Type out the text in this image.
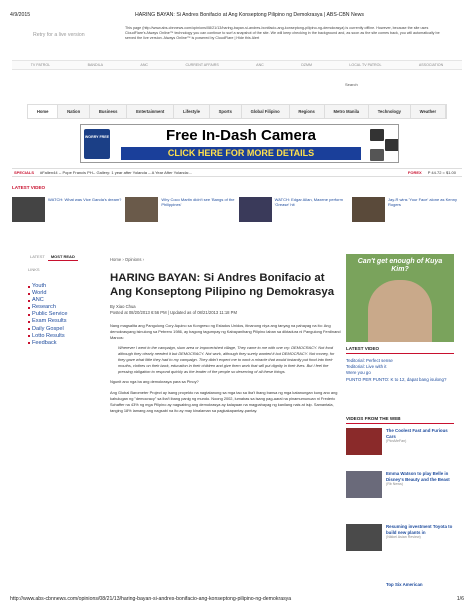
4/9/2015	HARING BAYAN: Si Andres Bonifacio at Ang Konseptong Pilipino ng Demokrasya | ABS-CBN News
Retry for a live version
This page (http://www.abs-cbnnews.com/opinions/08/21/13/haring-bayan-si-andres-bonifacio-ang-konseptong-pilipino-ng-demokrasya) is currently offline. However, because the site uses CloudFlare's Always Online™ technology you can continue to surf a snapshot of the site. We will keep checking in the background and, as soon as the site comes back, you will automatically be served the live version. Always Online™ is powered by CloudFlare | Hide this Alert
TV PATROL	BANDILA	ANC	CURRENT AFFAIRS	ANC	DZMM	LOCAL TV PATROL	ASSOCIATION
Search
Home	Nation	Business	Entertainment	Lifestyle	Sports	Global Filipino	Regions	Metro Manila	Technology	Weather
WORRY FREE	Free In-Dash Camera
CLICK HERE FOR MORE DETAILS
SPECIALS #Fallen44 -- Pope Francis PH-- Gallery: 1 year after Yolanda -- A Year After Yolanda:...	FOREX P 44.72 = $1.00
LATEST VIDEO
WATCH: What was Vice Ganda's dream?	Why Coco Martin didn't see 'Bangs of the Philippines'
WATCH: Edgar Allan, Maxene perform 'Grease' hit
Jay-R wins 'Your Face' alone as Kenny Rogers
LATEST	MOST READ
LINKS
Youth
World
ANC
Research
Public Service
Exam Results
Daily Gospel
Lotto Results
Feedback
Home › Opinions ›
HARING BAYAN: Si Andres Bonifacio at Ang Konseptong Pilipino ng Demokrasya
By Xiao Chua
Posted at 08/20/2013 6:56 PM | Updated as of 08/21/2013 11:18 PM

Nang magsalita ang Pangulong Cory Aquino sa Kongreso ng Estados Unidos, itinanong niya ang tanyag na pahayag na ito: Ang demokrasyang isinulong sa Pebrero 1986, ay bagong tagumpay ng Kabayanihang Pilipino laban sa diktadura ni Pangulong Ferdinand Marcos:

Wherever I went in the campaign, slum area or impoverished village, They came to me with one cry: DEMOCRACY. Not food although they clearly needed it but DEMOCRACY. Not work, although they surely wanted it but DEMOCRACY. Not money, for they gave what little they had to my campaign. They didn't expect me to work a miracle that would instantly put food into their mouths, clothes on their back, education in their children and give them work that will put dignity in their lives. But I feel the pressing obligation to respond quickly as the leader of the people so deserving of all these things.

Ngunit ano nga ba ang demokrasya para sa Pinoy?

Ang Global Barometer Project ay isang proyekto na nagtatanong sa mga tao sa iba't ibang bansa ng mga katanungan kung ano ang kahulugan ng "democracy" sa iba't ibang panig ng mundo. Noong 2002, lumabas sa isang pag-aaral na pinamumunuan ni Frederic Schaffer na 43% ng mga Pilipino ay nagsabing ang demokrasya ay kalayaan na magpahayag ng kanilang nais at isip. Samantala, tanging 18% lamang ang nagsabi na ito ay may kinalaman sa pagkakapantay-pantay.

Can't get enough of Kuya Kim?
LATEST VIDEO
Teditorial: Perfect sense
Teditorial: Live with it
Were you go
PUNTO PER PUNTO: K to 12, dapat bang isulong?
VIDEOS FROM THE WEB
The Coolest Fast and Furious Cars
(PicsMeFan)
Emma Watson to play Belle in Disney's Beauty and the Beast
(Rb News)
Resuming investment Toyota to build new plants in
(Nikkei Asian Review)
Top Six American
http://www.abs-cbnnews.com/opinions/08/21/13/haring-bayan-si-andres-bonifacio-ang-konseptong-pilipino-ng-demokrasya	1/6
